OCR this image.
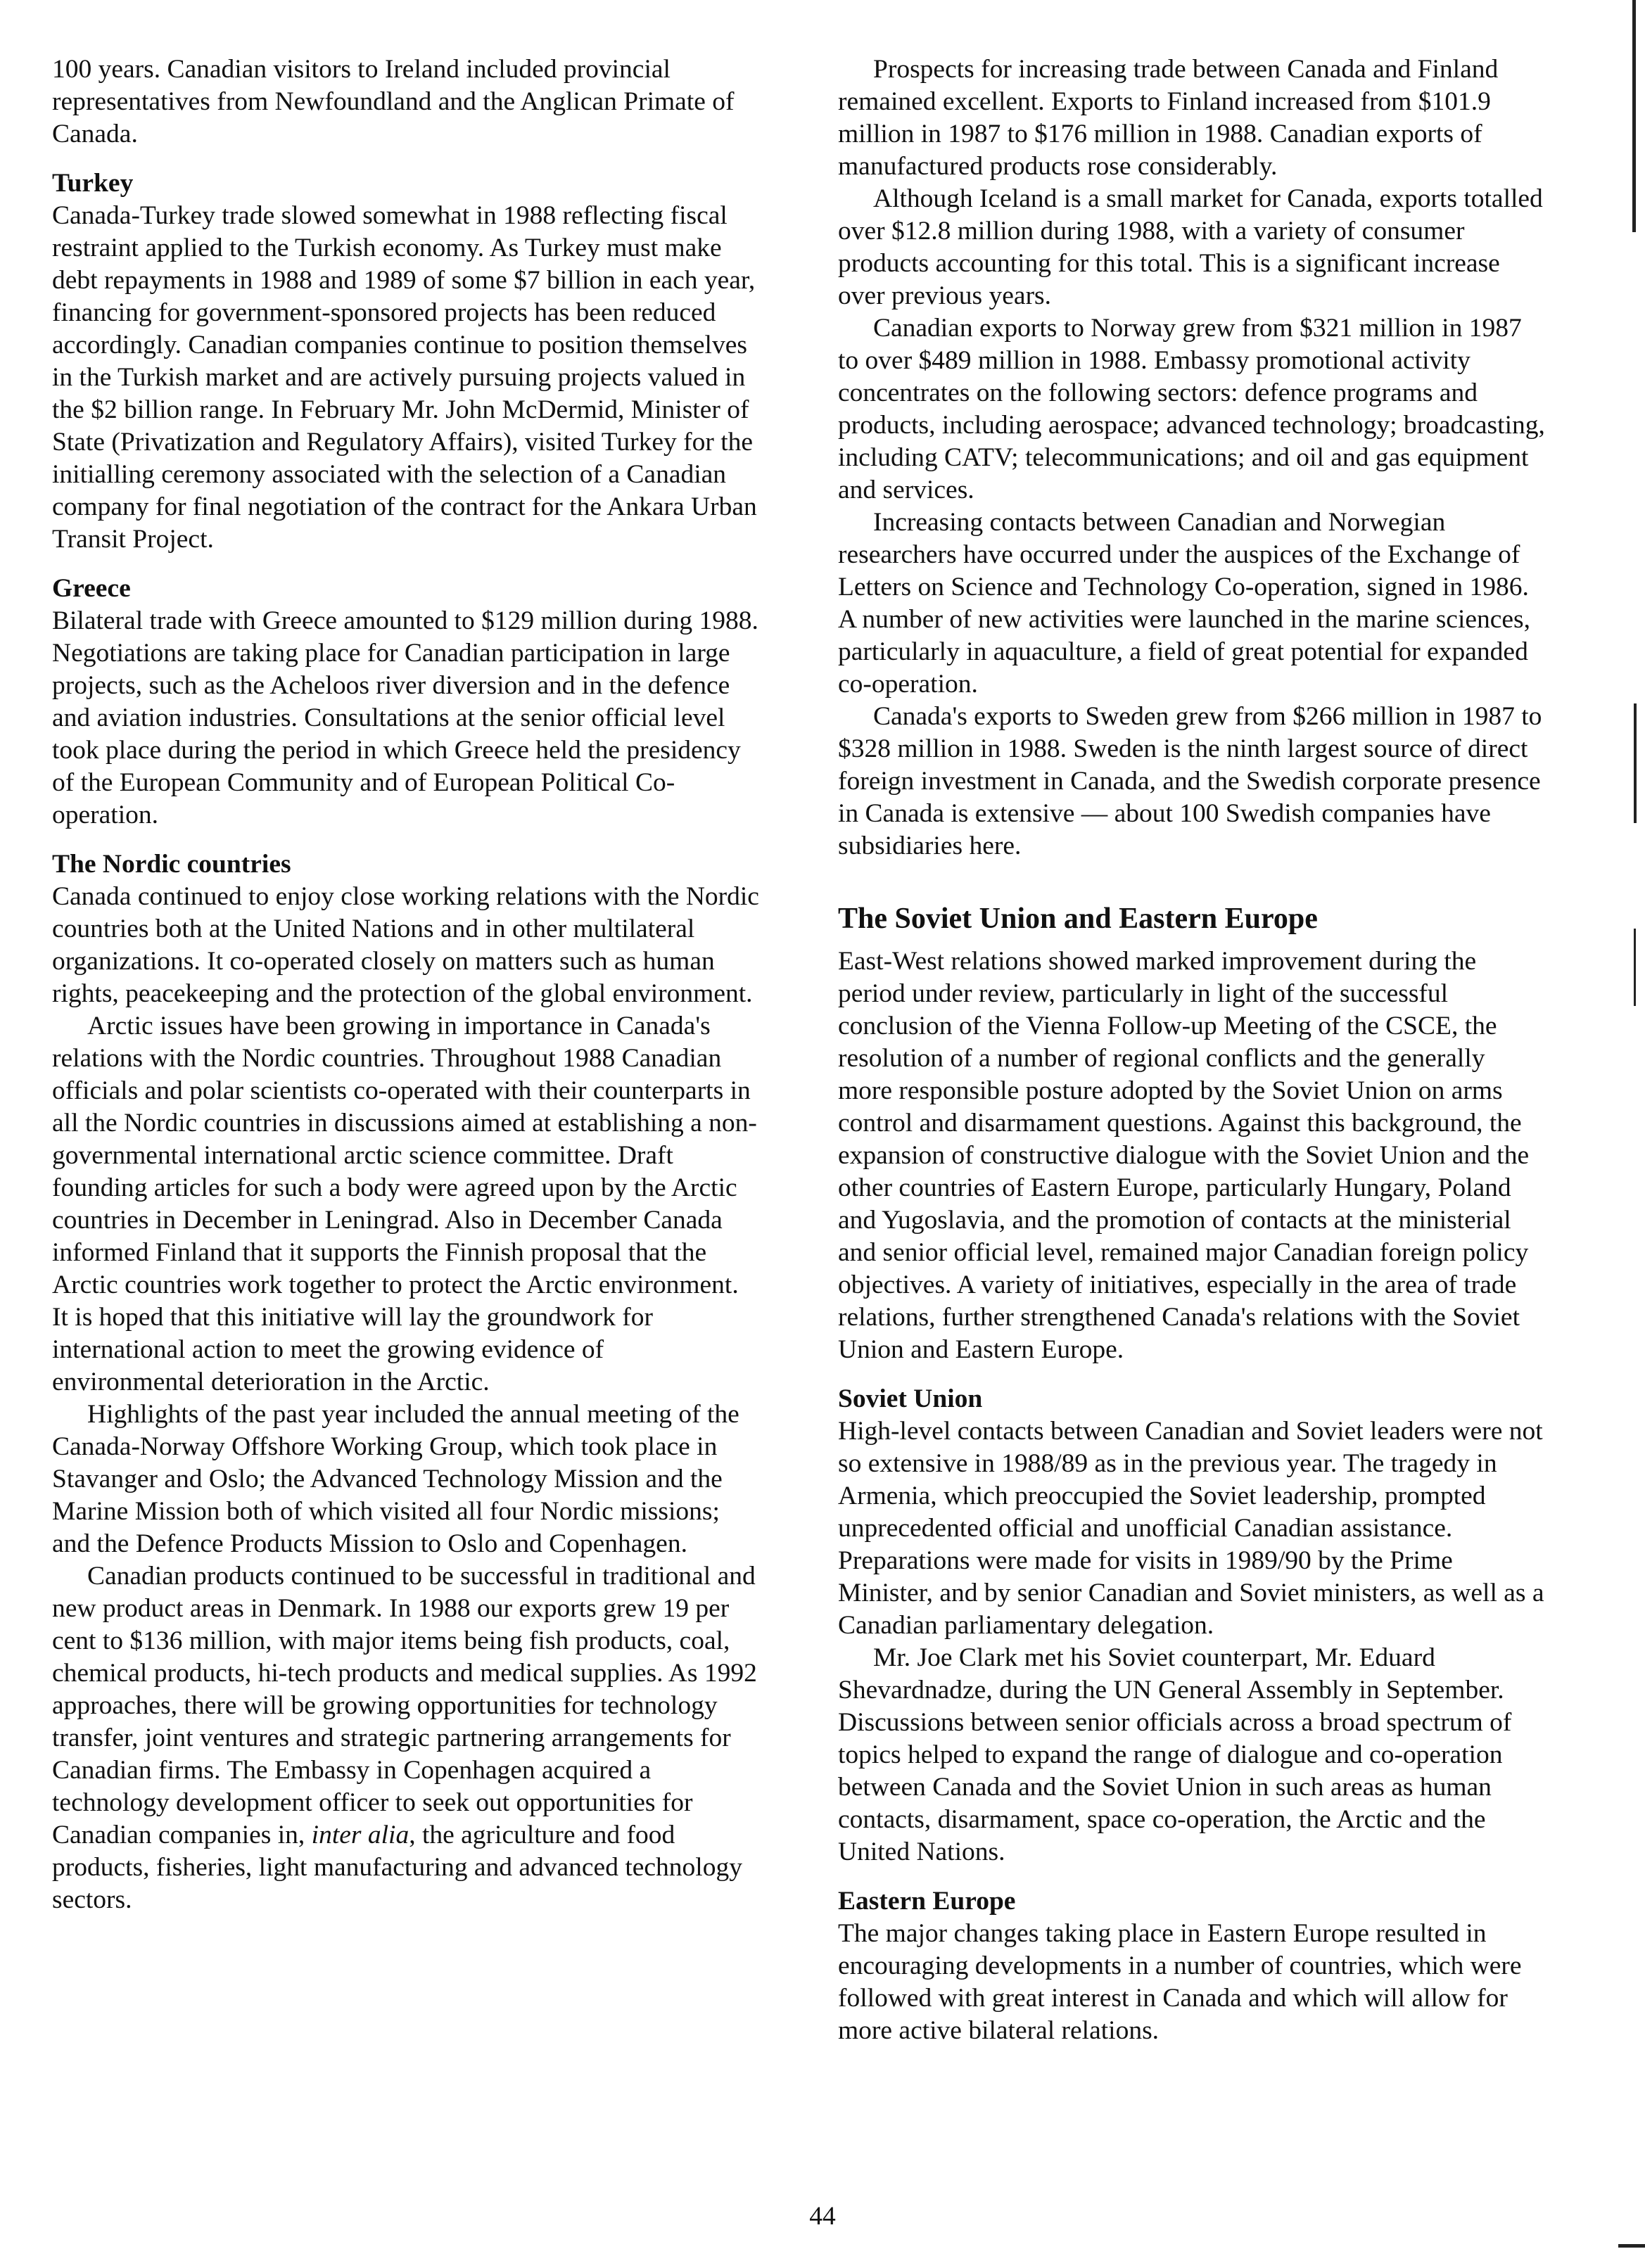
100 years. Canadian visitors to Ireland included provincial representatives from Newfoundland and the Anglican Primate of Canada.

Turkey

Canada-Turkey trade slowed somewhat in 1988 reflecting fiscal restraint applied to the Turkish economy. As Turkey must make debt repayments in 1988 and 1989 of some $7 billion in each year, financing for government-sponsored projects has been reduced accordingly. Canadian companies continue to position themselves in the Turkish market and are actively pursuing projects valued in the $2 billion range. In February Mr. John McDermid, Minister of State (Privatization and Regulatory Affairs), visited Turkey for the initialling ceremony associated with the selection of a Canadian company for final negotiation of the contract for the Ankara Urban Transit Project.

Greece

Bilateral trade with Greece amounted to $129 million during 1988. Negotiations are taking place for Canadian participation in large projects, such as the Acheloos river diversion and in the defence and aviation industries. Consultations at the senior official level took place during the period in which Greece held the presidency of the European Community and of European Political Co-operation.

The Nordic countries

Canada continued to enjoy close working relations with the Nordic countries both at the United Nations and in other multilateral organizations. It co-operated closely on matters such as human rights, peacekeeping and the protection of the global environment.

Arctic issues have been growing in importance in Canada's relations with the Nordic countries. Throughout 1988 Canadian officials and polar scientists co-operated with their counterparts in all the Nordic countries in discussions aimed at establishing a non-governmental international arctic science committee. Draft founding articles for such a body were agreed upon by the Arctic countries in December in Leningrad. Also in December Canada informed Finland that it supports the Finnish proposal that the Arctic countries work together to protect the Arctic environment. It is hoped that this initiative will lay the groundwork for international action to meet the growing evidence of environmental deterioration in the Arctic.

Highlights of the past year included the annual meeting of the Canada-Norway Offshore Working Group, which took place in Stavanger and Oslo; the Advanced Technology Mission and the Marine Mission both of which visited all four Nordic missions; and the Defence Products Mission to Oslo and Copenhagen.

Canadian products continued to be successful in traditional and new product areas in Denmark. In 1988 our exports grew 19 per cent to $136 million, with major items being fish products, coal, chemical products, hi-tech products and medical supplies. As 1992 approaches, there will be growing opportunities for technology transfer, joint ventures and strategic partnering arrangements for Canadian firms. The Embassy in Copenhagen acquired a technology development officer to seek out opportunities for Canadian companies in, inter alia, the agriculture and food products, fisheries, light manufacturing and advanced technology sectors.

Prospects for increasing trade between Canada and Finland remained excellent. Exports to Finland increased from $101.9 million in 1987 to $176 million in 1988. Canadian exports of manufactured products rose considerably.

Although Iceland is a small market for Canada, exports totalled over $12.8 million during 1988, with a variety of consumer products accounting for this total. This is a significant increase over previous years.

Canadian exports to Norway grew from $321 million in 1987 to over $489 million in 1988. Embassy promotional activity concentrates on the following sectors: defence programs and products, including aerospace; advanced technology; broadcasting, including CATV; telecommunications; and oil and gas equipment and services.

Increasing contacts between Canadian and Norwegian researchers have occurred under the auspices of the Exchange of Letters on Science and Technology Co-operation, signed in 1986. A number of new activities were launched in the marine sciences, particularly in aquaculture, a field of great potential for expanded co-operation.

Canada's exports to Sweden grew from $266 million in 1987 to $328 million in 1988. Sweden is the ninth largest source of direct foreign investment in Canada, and the Swedish corporate presence in Canada is extensive — about 100 Swedish companies have subsidiaries here.

The Soviet Union and Eastern Europe

East-West relations showed marked improvement during the period under review, particularly in light of the successful conclusion of the Vienna Follow-up Meeting of the CSCE, the resolution of a number of regional conflicts and the generally more responsible posture adopted by the Soviet Union on arms control and disarmament questions. Against this background, the expansion of constructive dialogue with the Soviet Union and the other countries of Eastern Europe, particularly Hungary, Poland and Yugoslavia, and the promotion of contacts at the ministerial and senior official level, remained major Canadian foreign policy objectives. A variety of initiatives, especially in the area of trade relations, further strengthened Canada's relations with the Soviet Union and Eastern Europe.

Soviet Union

High-level contacts between Canadian and Soviet leaders were not so extensive in 1988/89 as in the previous year. The tragedy in Armenia, which preoccupied the Soviet leadership, prompted unprecedented official and unofficial Canadian assistance. Preparations were made for visits in 1989/90 by the Prime Minister, and by senior Canadian and Soviet ministers, as well as a Canadian parliamentary delegation.

Mr. Joe Clark met his Soviet counterpart, Mr. Eduard Shevardnadze, during the UN General Assembly in September. Discussions between senior officials across a broad spectrum of topics helped to expand the range of dialogue and co-operation between Canada and the Soviet Union in such areas as human contacts, disarmament, space co-operation, the Arctic and the United Nations.

Eastern Europe

The major changes taking place in Eastern Europe resulted in encouraging developments in a number of countries, which were followed with great interest in Canada and which will allow for more active bilateral relations.

44
